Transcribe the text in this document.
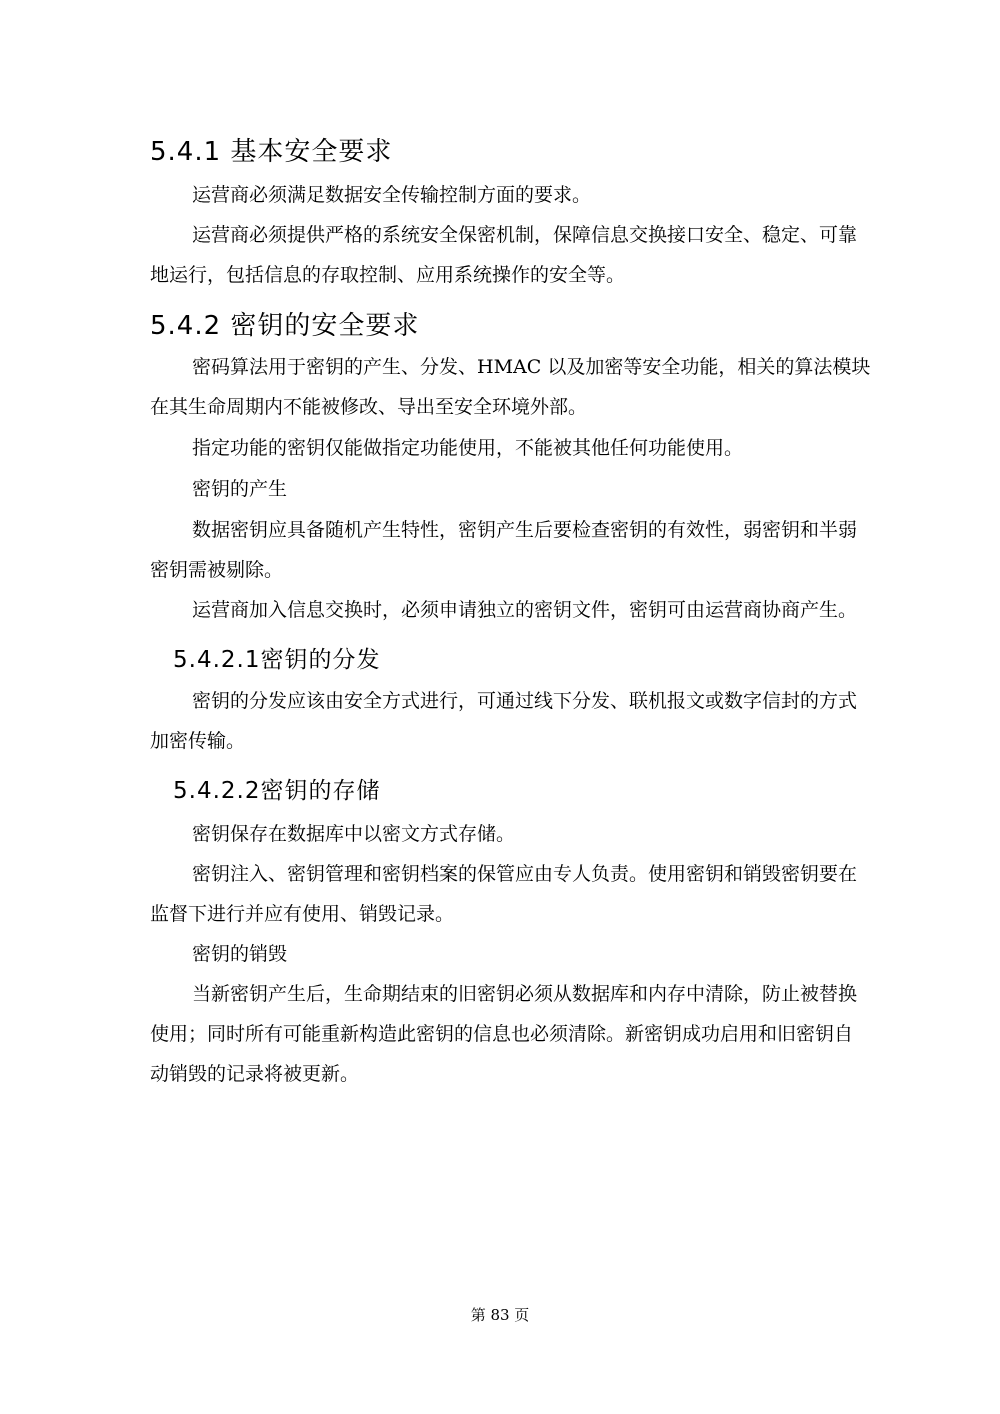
5.4.1 基本安全要求
运营商必须满足数据安全传输控制方面的要求。
运营商必须提供严格的系统安全保密机制，保障信息交换接口安全、稳定、可靠
地运行，包括信息的存取控制、应用系统操作的安全等。
5.4.2 密钥的安全要求
密码算法用于密钥的产生、分发、HMAC 以及加密等安全功能，相关的算法模块
在其生命周期内不能被修改、导出至安全环境外部。
指定功能的密钥仅能做指定功能使用，不能被其他任何功能使用。
密钥的产生
数据密钥应具备随机产生特性，密钥产生后要检查密钥的有效性，弱密钥和半弱
密钥需被剔除。
运营商加入信息交换时，必须申请独立的密钥文件，密钥可由运营商协商产生。
5.4.2.1密钥的分发
密钥的分发应该由安全方式进行，可通过线下分发、联机报文或数字信封的方式
加密传输。
5.4.2.2密钥的存储
密钥保存在数据库中以密文方式存储。
密钥注入、密钥管理和密钥档案的保管应由专人负责。使用密钥和销毁密钥要在
监督下进行并应有使用、销毁记录。
密钥的销毁
当新密钥产生后，生命期结束的旧密钥必须从数据库和内存中清除，防止被替换
使用；同时所有可能重新构造此密钥的信息也必须清除。新密钥成功启用和旧密钥自
动销毁的记录将被更新。
第 83 页
